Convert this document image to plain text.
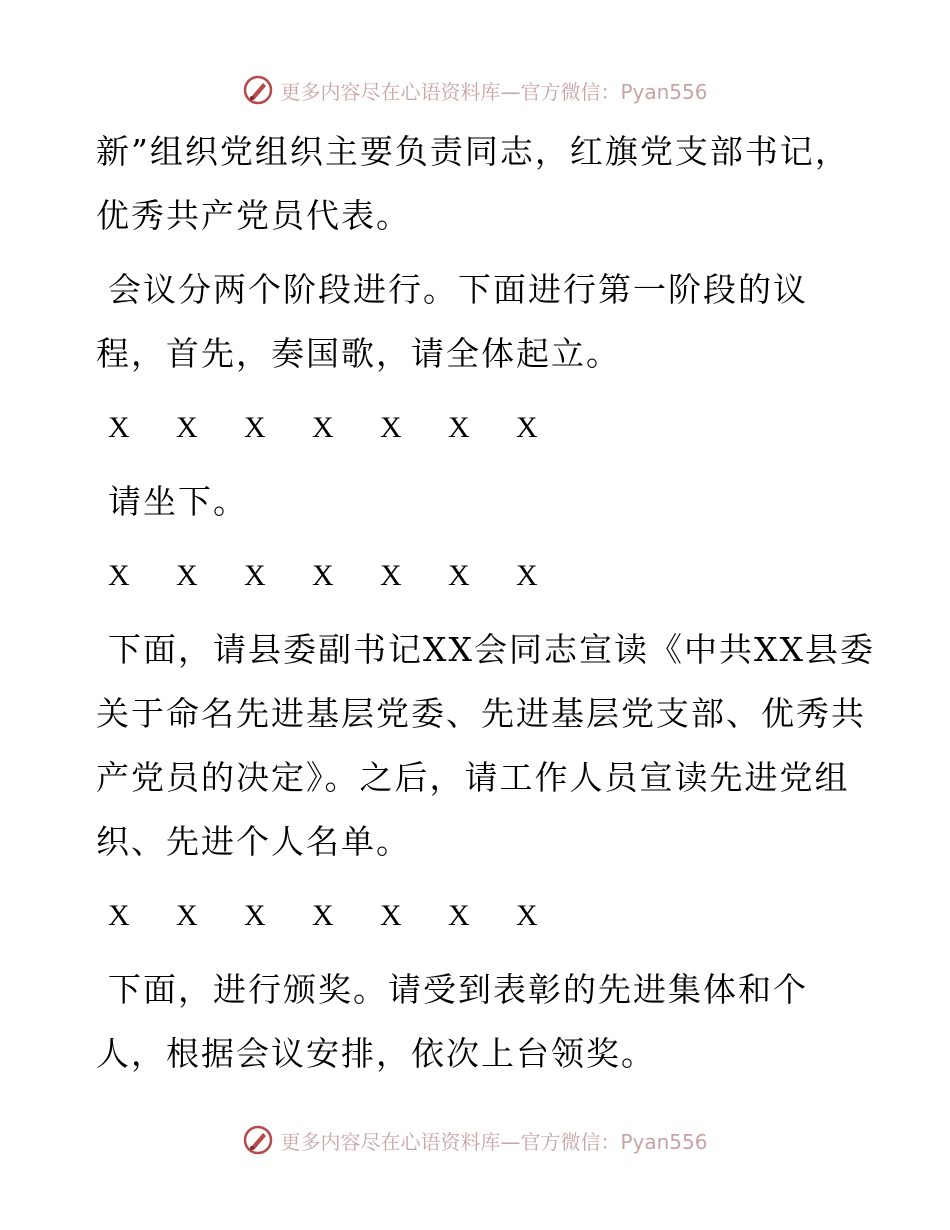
更多内容尽在心语资料库—官方微信：Pyan556
新”组织党组织主要负责同志，红旗党支部书记，
优秀共产党员代表。
会议分两个阶段进行。下面进行第一阶段的议
程，首先，奏国歌，请全体起立。
X X X X X X X
请坐下。
X X X X X X X
下面，请县委副书记XX会同志宣读《中共XX县委
关于命名先进基层党委、先进基层党支部、优秀共
产党员的决定》。之后，请工作人员宣读先进党组
织、先进个人名单。
X X X X X X X
下面，进行颁奖。请受到表彰的先进集体和个
人，根据会议安排，依次上台领奖。
更多内容尽在心语资料库—官方微信：Pyan556
